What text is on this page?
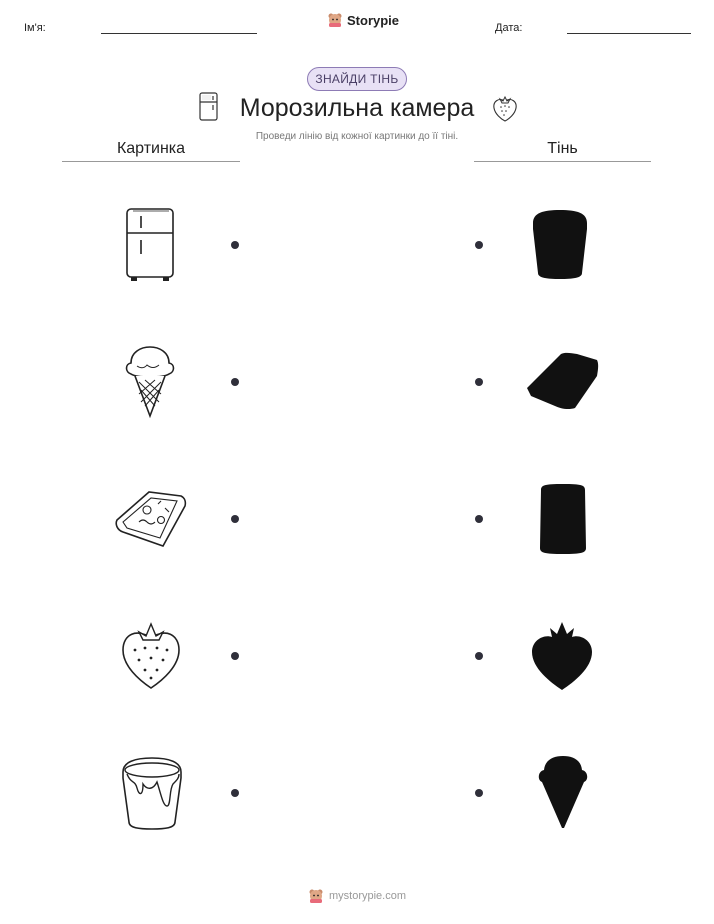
Ім'я:
Storypie
Дата:
ЗНАЙДИ ТІНЬ
Морозильна камера
Проведи лінію від кожної картинки до її тіні.
Картинка	Тінь
mystorypie.com
